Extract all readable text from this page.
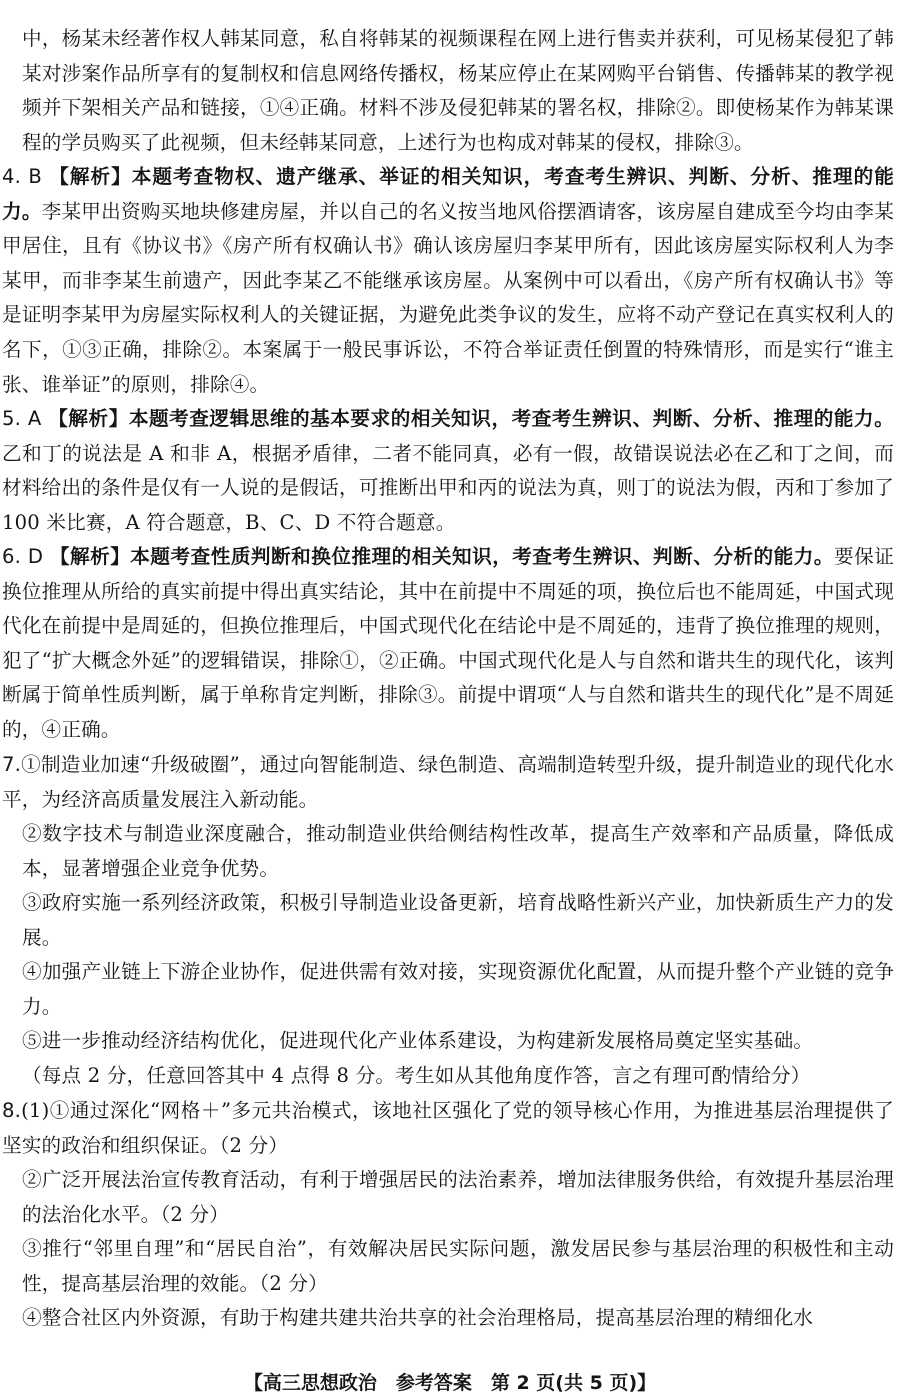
中，杨某未经著作权人韩某同意，私自将韩某的视频课程在网上进行售卖并获利，可见杨某侵犯了韩某对涉案作品所享有的复制权和信息网络传播权，杨某应停止在某网购平台销售、传播韩某的教学视频并下架相关产品和链接，①④正确。材料不涉及侵犯韩某的署名权，排除②。即使杨某作为韩某课程的学员购买了此视频，但未经韩某同意，上述行为也构成对韩某的侵权，排除③。

4. B 【解析】本题考查物权、遗产继承、举证的相关知识，考查考生辨识、判断、分析、推理的能力。李某甲出资购买地块修建房屋，并以自己的名义按当地风俗摆酒请客，该房屋自建成至今均由李某甲居住，且有《协议书》《房产所有权确认书》确认该房屋归李某甲所有，因此该房屋实际权利人为李某甲，而非李某生前遗产，因此李某乙不能继承该房屋。从案例中可以看出，《房产所有权确认书》等是证明李某甲为房屋实际权利人的关键证据，为避免此类争议的发生，应将不动产登记在真实权利人的名下，①③正确，排除②。本案属于一般民事诉讼，不符合举证责任倒置的特殊情形，而是实行“谁主张、谁举证”的原则，排除④。

5. A 【解析】本题考查逻辑思维的基本要求的相关知识，考查考生辨识、判断、分析、推理的能力。乙和丁的说法是 A 和非 A，根据矛盾律，二者不能同真，必有一假，故错误说法必在乙和丁之间，而材料给出的条件是仅有一人说的是假话，可推断出甲和丙的说法为真，则丁的说法为假，丙和丁参加了 100 米比赛，A 符合题意，B、C、D 不符合题意。

6. D 【解析】本题考查性质判断和换位推理的相关知识，考查考生辨识、判断、分析的能力。要保证换位推理从所给的真实前提中得出真实结论，其中在前提中不周延的项，换位后也不能周延，中国式现代化在前提中是周延的，但换位推理后，中国式现代化在结论中是不周延的，违背了换位推理的规则，犯了“扩大概念外延”的逻辑错误，排除①，②正确。中国式现代化是人与自然和谐共生的现代化，该判断属于简单性质判断，属于单称肯定判断，排除③。前提中谓项“人与自然和谐共生的现代化”是不周延的，④正确。

7.①制造业加速“升级破圈”，通过向智能制造、绿色制造、高端制造转型升级，提升制造业的现代化水平，为经济高质量发展注入新动能。

②数字技术与制造业深度融合，推动制造业供给侧结构性改革，提高生产效率和产品质量，降低成本，显著增强企业竞争优势。

③政府实施一系列经济政策，积极引导制造业设备更新，培育战略性新兴产业，加快新质生产力的发展。

④加强产业链上下游企业协作，促进供需有效对接，实现资源优化配置，从而提升整个产业链的竞争力。

⑤进一步推动经济结构优化，促进现代化产业体系建设，为构建新发展格局奠定坚实基础。

（每点 2 分，任意回答其中 4 点得 8 分。考生如从其他角度作答，言之有理可酌情给分）

8.(1)①通过深化“网格＋”多元共治模式，该地社区强化了党的领导核心作用，为推进基层治理提供了坚实的政治和组织保证。（2 分）

②广泛开展法治宣传教育活动，有利于增强居民的法治素养，增加法律服务供给，有效提升基层治理的法治化水平。（2 分）

③推行“邻里自理”和“居民自治”，有效解决居民实际问题，激发居民参与基层治理的积极性和主动性，提高基层治理的效能。（2 分）

④整合社区内外资源，有助于构建共建共治共享的社会治理格局，提高基层治理的精细化水

【高三思想政治　参考答案　第 2 页(共 5 页)】
